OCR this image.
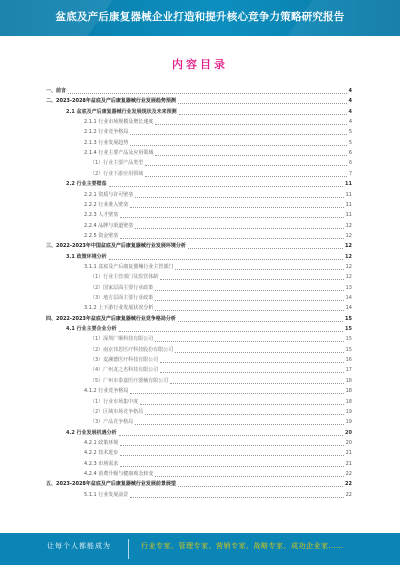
盆底及产后康复器械企业打造和提升核心竞争力策略研究报告
内容目录
一、前言	4
二、2023-2028年盆底及产后康复器械行业发展趋势预测	4
2.1 盆底及产后康复器械行业发展现状及未来预测	4
2.1.1 行业市场规模及增长速度	4
2.1.2 行业竞争格局	5
2.1.3 行业发展趋势	5
2.1.4 行业主要产品及应用领域	6
（1）行业主要产品类型	6
（2）行业下游应用领域	7
2.2 行业主要壁垒	11
2.2.1 资质与许可壁垒	11
2.2.2 行业准入壁垒	11
2.2.3 人才壁垒	11
2.2.4 品牌与渠道壁垒	12
2.2.5 资金壁垒	12
三、2022-2023年中国盆底及产后康复器械行业发展环境分析	12
3.1 政策环境分析	12
3.1.1 盆底及产后康复器械行业主管部门	12
（1）行业主管部门及监管体制	12
（2）国家层面主要行业政策	13
（3）地方层面主要行业政策	14
3.1.2 上下游行业发展状况分析	14
四、2022-2023年盆底及产后康复器械行业竞争格局分析	15
4.1 行业主要企业分析	15
（1）深圳广顺科技有限公司	15
（2）南京伟思医疗科技股份有限公司	15
（3）麦澜德医疗科技有限公司	16
（4）广州龙之杰科技有限公司	17
（5）广州市泰嘉医疗器械有限公司	18
4.1.2 行业竞争格局	18
（1）行业市场集中度	18
（2）区域市场竞争格局	19
（3）产品竞争格局	19
4.2 行业发展机遇分析	20
4.2.1 政策环境	20
4.2.2 技术进步	21
4.2.3 市场需求	21
4.2.4 消费升级与健康观念转变	22
五、2023-2028年盆底及产后康复器械行业发展前景展望	22
5.1.1 行业发展前景	22
让每个人都能成为	行业专家、管理专家、营销专家、战略专家、成功企业家……
